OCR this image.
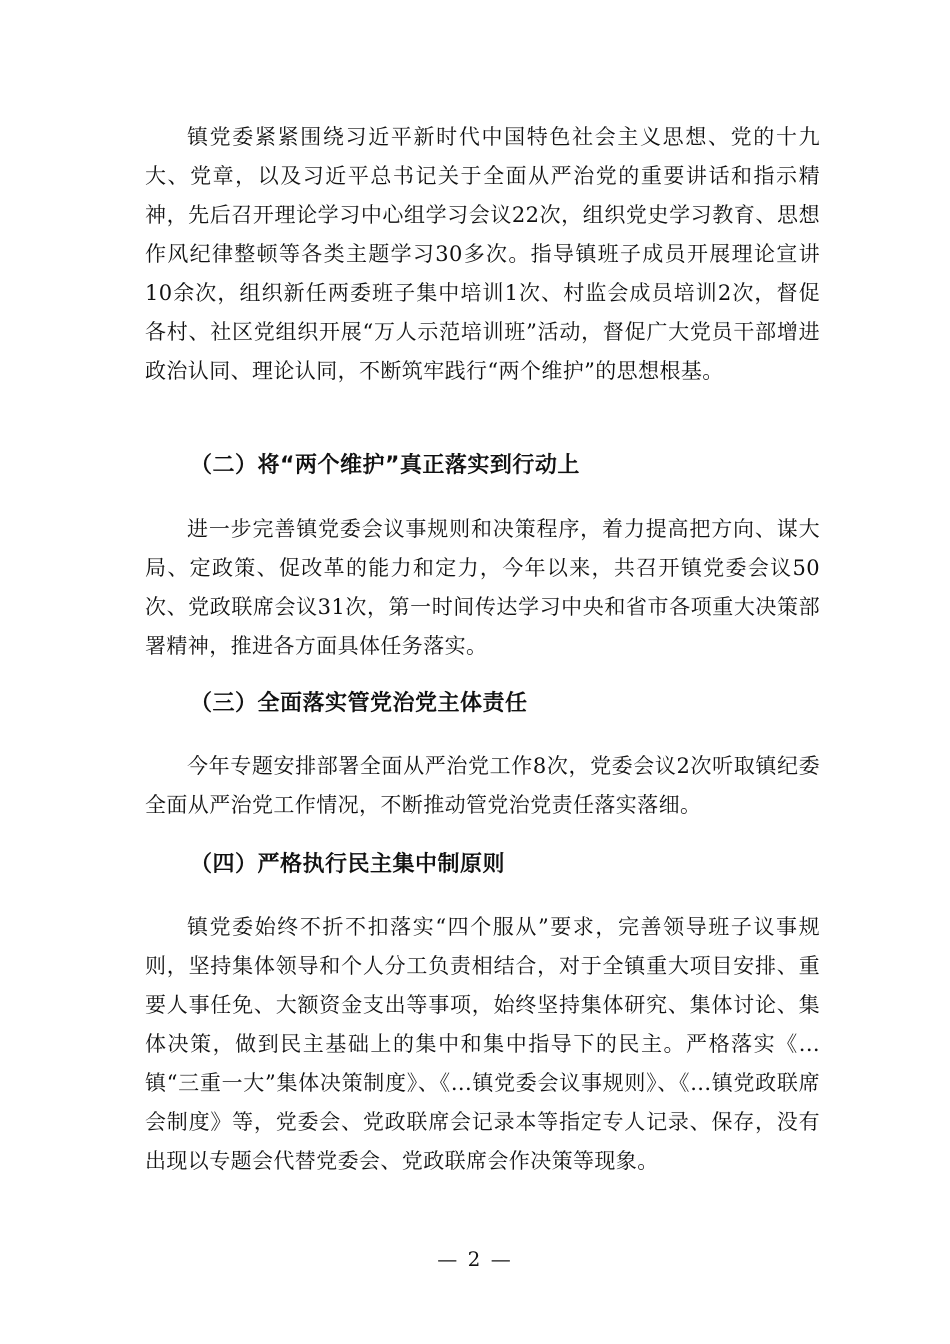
镇党委紧紧围绕习近平新时代中国特色社会主义思想、党的十九大、党章，以及习近平总书记关于全面从严治党的重要讲话和指示精神，先后召开理论学习中心组学习会议22次，组织党史学习教育、思想作风纪律整顿等各类主题学习30多次。指导镇班子成员开展理论宣讲10余次，组织新任两委班子集中培训1次、村监会成员培训2次，督促各村、社区党组织开展“万人示范培训班”活动，督促广大党员干部增进政治认同、理论认同，不断筑牢践行“两个维护”的思想根基。

（二）将“两个维护”真正落实到行动上

进一步完善镇党委会议事规则和决策程序，着力提高把方向、谋大局、定政策、促改革的能力和定力，今年以来，共召开镇党委会议50次、党政联席会议31次，第一时间传达学习中央和省市各项重大决策部署精神，推进各方面具体任务落实。

（三）全面落实管党治党主体责任

今年专题安排部署全面从严治党工作8次，党委会议2次听取镇纪委全面从严治党工作情况，不断推动管党治党责任落实落细。

（四）严格执行民主集中制原则

镇党委始终不折不扣落实“四个服从”要求，完善领导班子议事规则，坚持集体领导和个人分工负责相结合，对于全镇重大项目安排、重要人事任免、大额资金支出等事项，始终坚持集体研究、集体讨论、集体决策，做到民主基础上的集中和集中指导下的民主。严格落实《...镇“三重一大”集体决策制度》、《...镇党委会议事规则》、《...镇党政联席会制度》等，党委会、党政联席会记录本等指定专人记录、保存，没有出现以专题会代替党委会、党政联席会作决策等现象。

— 2 —
